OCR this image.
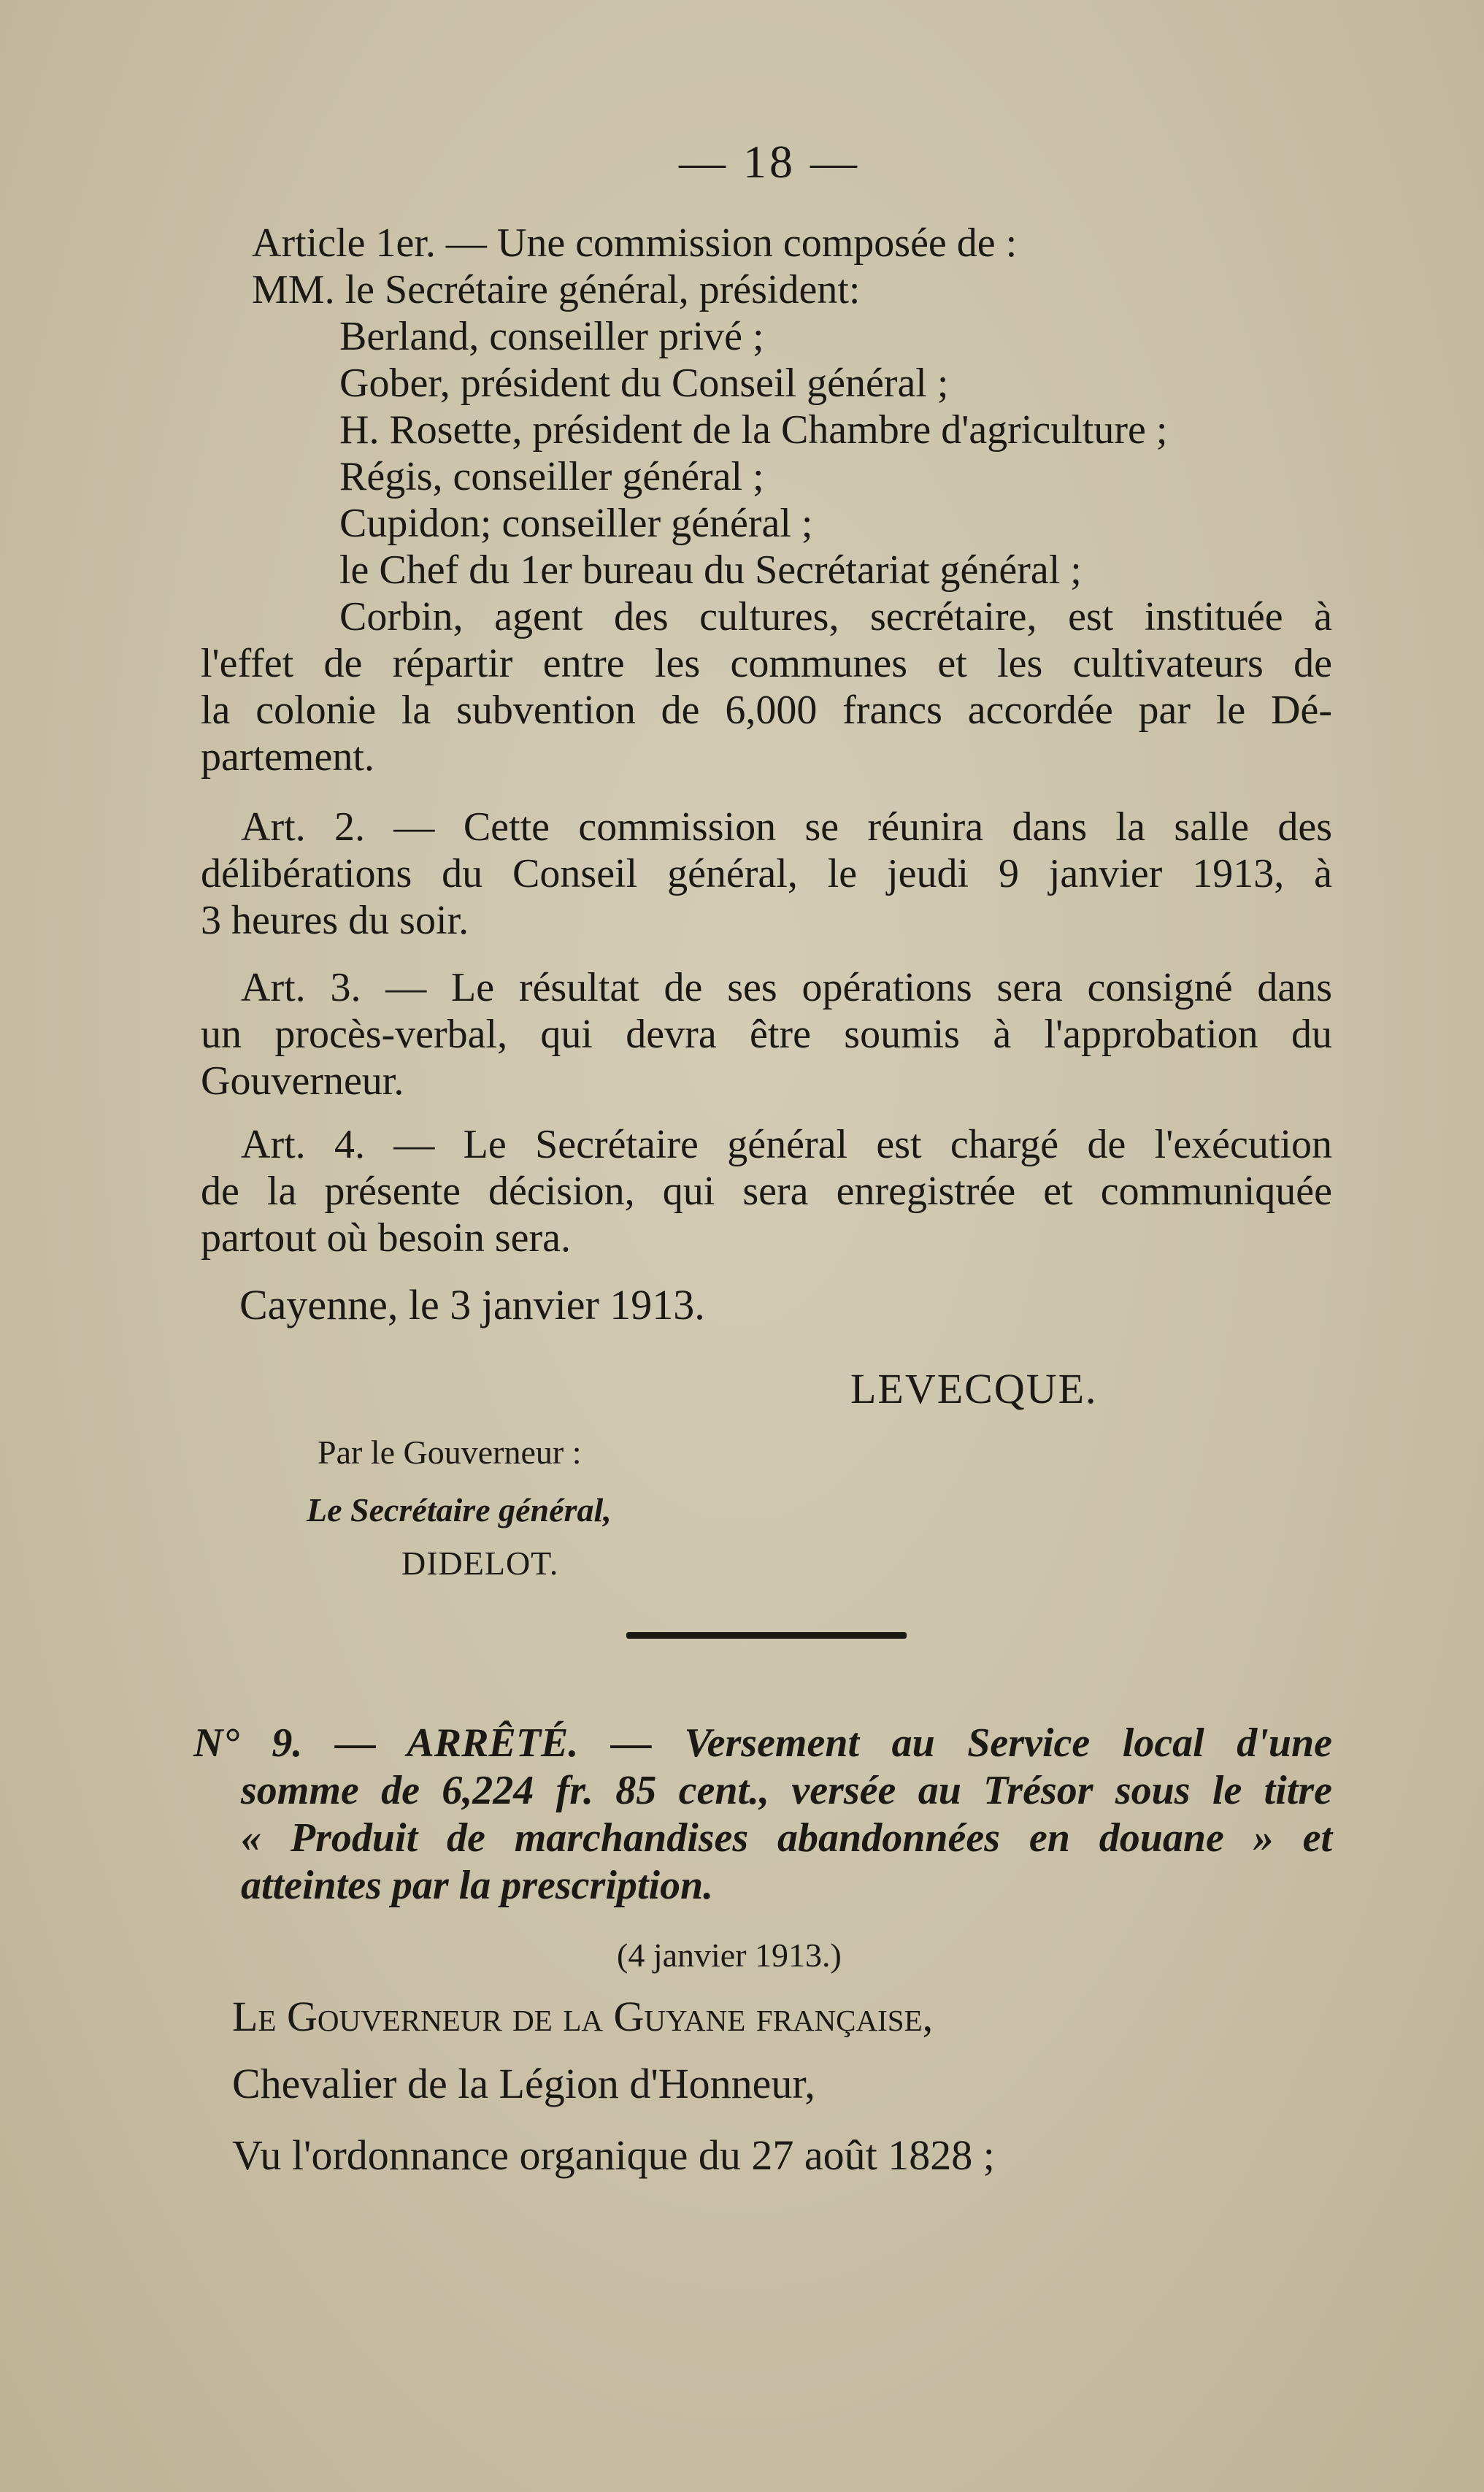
— 18 —
Article 1er. — Une commission composée de :
MM. le Secrétaire général, président:
Berland, conseiller privé ;
Gober, président du Conseil général ;
H. Rosette, président de la Chambre d'agriculture ;
Régis, conseiller général ;
Cupidon; conseiller général ;
le Chef du 1er bureau du Secrétariat général ;
Corbin, agent des cultures, secrétaire, est instituée à
l'effet de répartir entre les communes et les cultivateurs de
la colonie la subvention de 6,000 francs accordée par le Dé-
partement.
Art. 2. — Cette commission se réunira dans la salle des
délibérations du Conseil général, le jeudi 9 janvier 1913, à
3 heures du soir.
Art. 3. — Le résultat de ses opérations sera consigné dans
un procès-verbal, qui devra être soumis à l'approbation du
Gouverneur.
Art. 4. — Le Secrétaire général est chargé de l'exécution
de la présente décision, qui sera enregistrée et communiquée
partout où besoin sera.
Cayenne, le 3 janvier 1913.
LEVECQUE.
Par le Gouverneur :
Le Secrétaire général,
DIDELOT.
N° 9. — ARRÊTÉ. — Versement au Service local d'une
somme de 6,224 fr. 85 cent., versée au Trésor sous le titre
« Produit de marchandises abandonnées en douane » et
atteintes par la prescription.
(4 janvier 1913.)
Le Gouverneur de la Guyane française,
Chevalier de la Légion d'Honneur,
Vu l'ordonnance organique du 27 août 1828 ;
